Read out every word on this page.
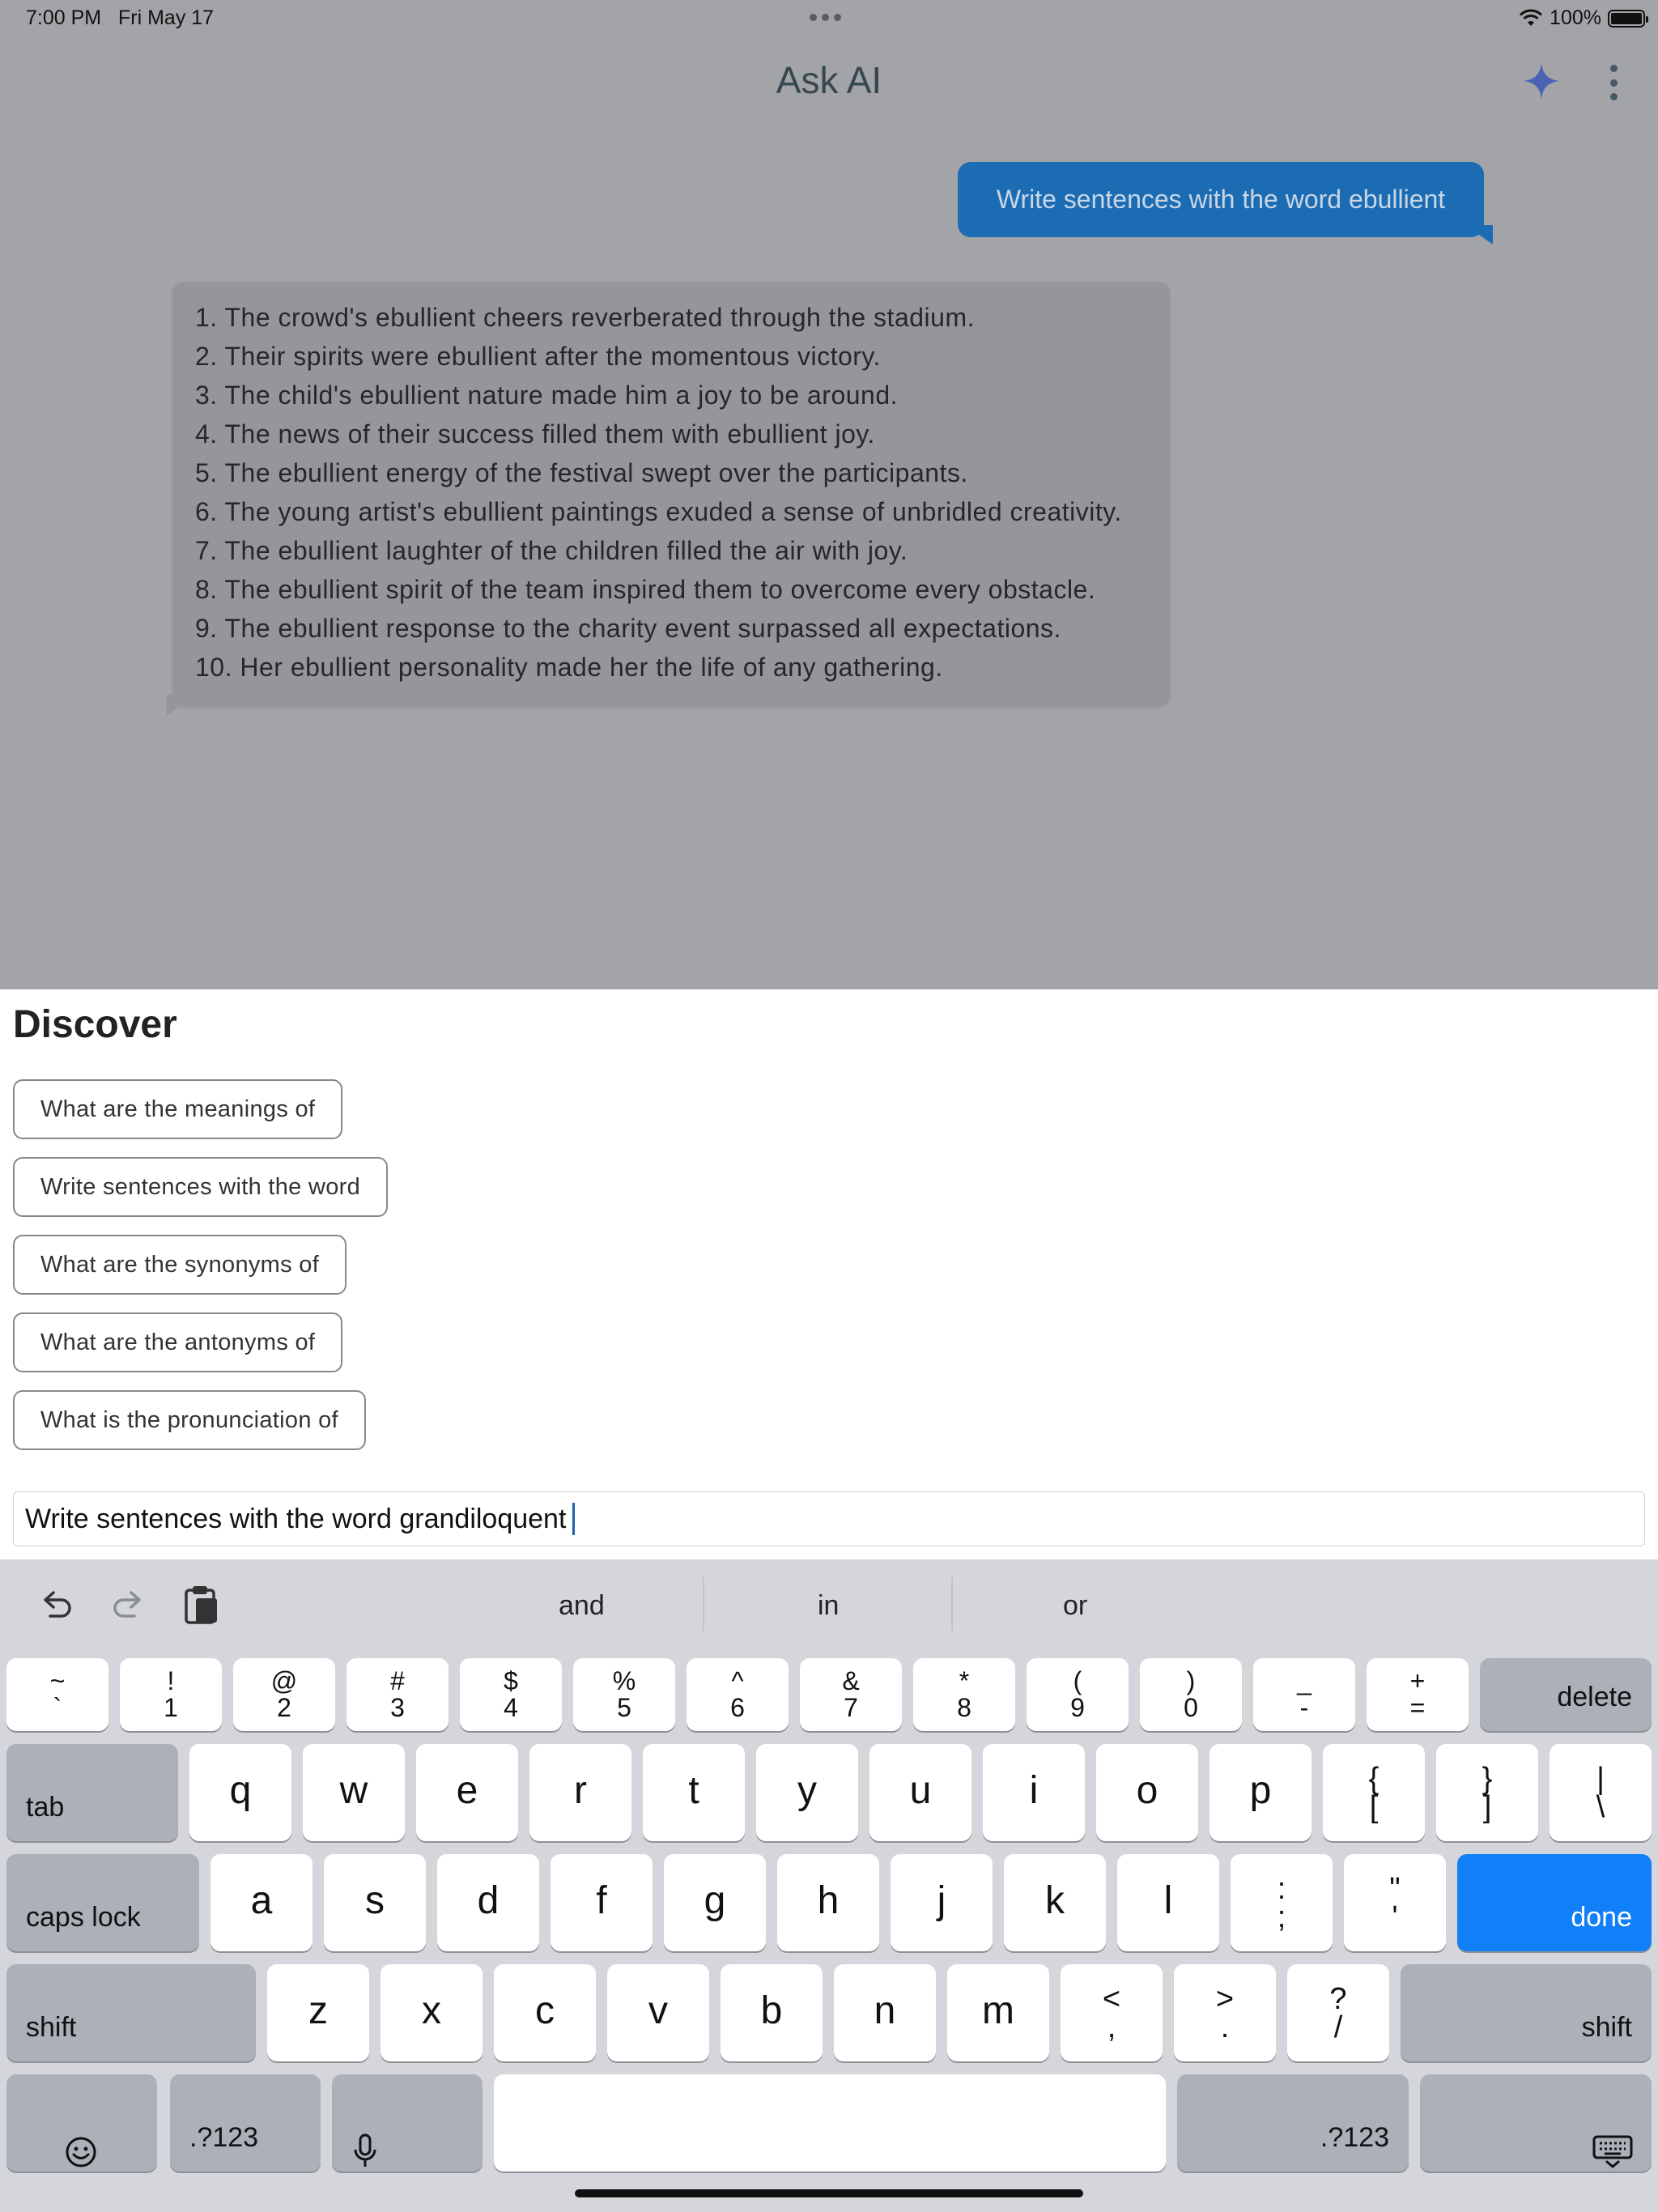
7:00 PM Fri May 17	100%
Ask AI
Write sentences with the word ebullient
1. The crowd's ebullient cheers reverberated through the stadium.
2. Their spirits were ebullient after the momentous victory.
3. The child's ebullient nature made him a joy to be around.
4. The news of their success filled them with ebullient joy.
5. The ebullient energy of the festival swept over the participants.
6. The young artist's ebullient paintings exuded a sense of unbridled creativity.
7. The ebullient laughter of the children filled the air with joy.
8. The ebullient spirit of the team inspired them to overcome every obstacle.
9. The ebullient response to the charity event surpassed all expectations.
10. Her ebullient personality made her the life of any gathering.
Discover
What are the meanings of
Write sentences with the word
What are the synonyms of
What are the antonyms of
What is the pronunciation of
Write sentences with the word grandiloquent
and	in	or
~
`
!
1
@
2
#
3
$
4
%
5
^
6
&
7
*
8
(
9
)
0
_
-
+
=	delete
tab	q	w	e	r	t	y	u	i	o	p	{
[
}
]
|
\
caps lock	a	s	d	f	g	h	j	k	l	:
;
"
'	done
shift	z	x	c	v	b	n	m	<
,
>
.
?
/	shift
.?123	.?123
